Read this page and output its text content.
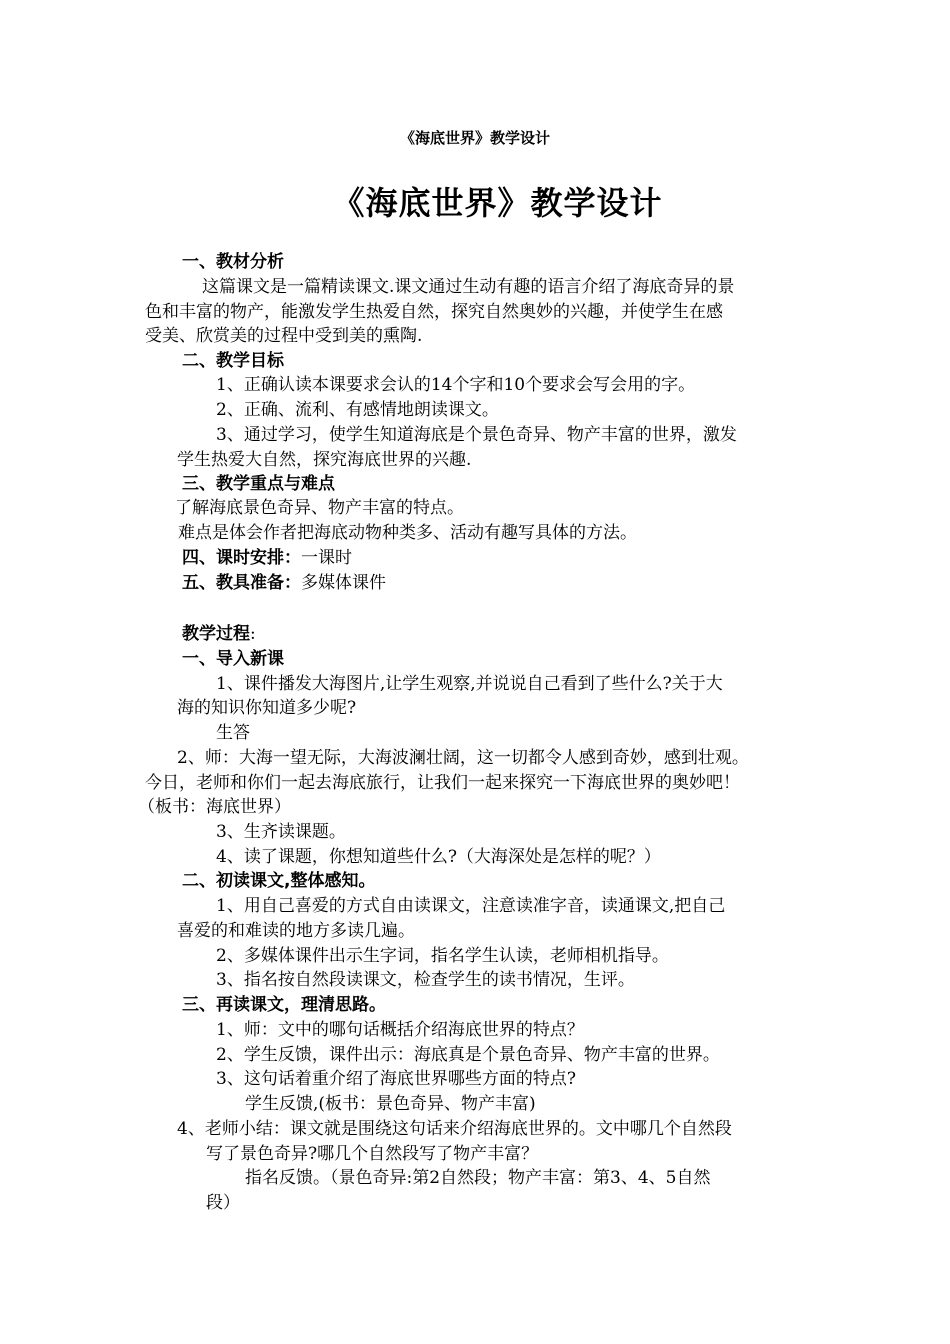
《海底世界》教学设计
《海底世界》教学设计
一、教材分析
这篇课文是一篇精读课文.课文通过生动有趣的语言介绍了海底奇异的景
色和丰富的物产，能激发学生热爱自然，探究自然奥妙的兴趣，并使学生在感
受美、欣赏美的过程中受到美的熏陶.
二、教学目标
1、正确认读本课要求会认的14个字和10个要求会写会用的字。
2、正确、流利、有感情地朗读课文。
3、通过学习，使学生知道海底是个景色奇异、物产丰富的世界，激发
学生热爱大自然，探究海底世界的兴趣.
三、教学重点与难点
了解海底景色奇异、物产丰富的特点。
难点是体会作者把海底动物种类多、活动有趣写具体的方法。
四、课时安排：一课时
五、教具准备：多媒体课件
教学过程:
一、导入新课
1、课件播发大海图片,让学生观察,并说说自己看到了些什么?关于大
海的知识你知道多少呢?
生答
2、师：大海一望无际，大海波澜壮阔，这一切都令人感到奇妙，感到壮观。
今日，老师和你们一起去海底旅行，让我们一起来探究一下海底世界的奥妙吧！
（板书：海底世界）
3、生齐读课题。
4、读了课题，你想知道些什么?（大海深处是怎样的呢？）
二、初读课文,整体感知。
1、用自己喜爱的方式自由读课文，注意读准字音，读通课文,把自己
喜爱的和难读的地方多读几遍。
2、多媒体课件出示生字词，指名学生认读，老师相机指导。
3、指名按自然段读课文，检查学生的读书情况，生评。
三、再读课文，理清思路。
1、师：文中的哪句话概括介绍海底世界的特点？
2、学生反馈，课件出示：海底真是个景色奇异、物产丰富的世界。
3、这句话着重介绍了海底世界哪些方面的特点?
学生反馈,(板书：景色奇异、物产丰富)
4、老师小结：课文就是围绕这句话来介绍海底世界的。文中哪几个自然段
写了景色奇异?哪几个自然段写了物产丰富？
指名反馈。（景色奇异:第2自然段；物产丰富：第3、4、5自然
段）
